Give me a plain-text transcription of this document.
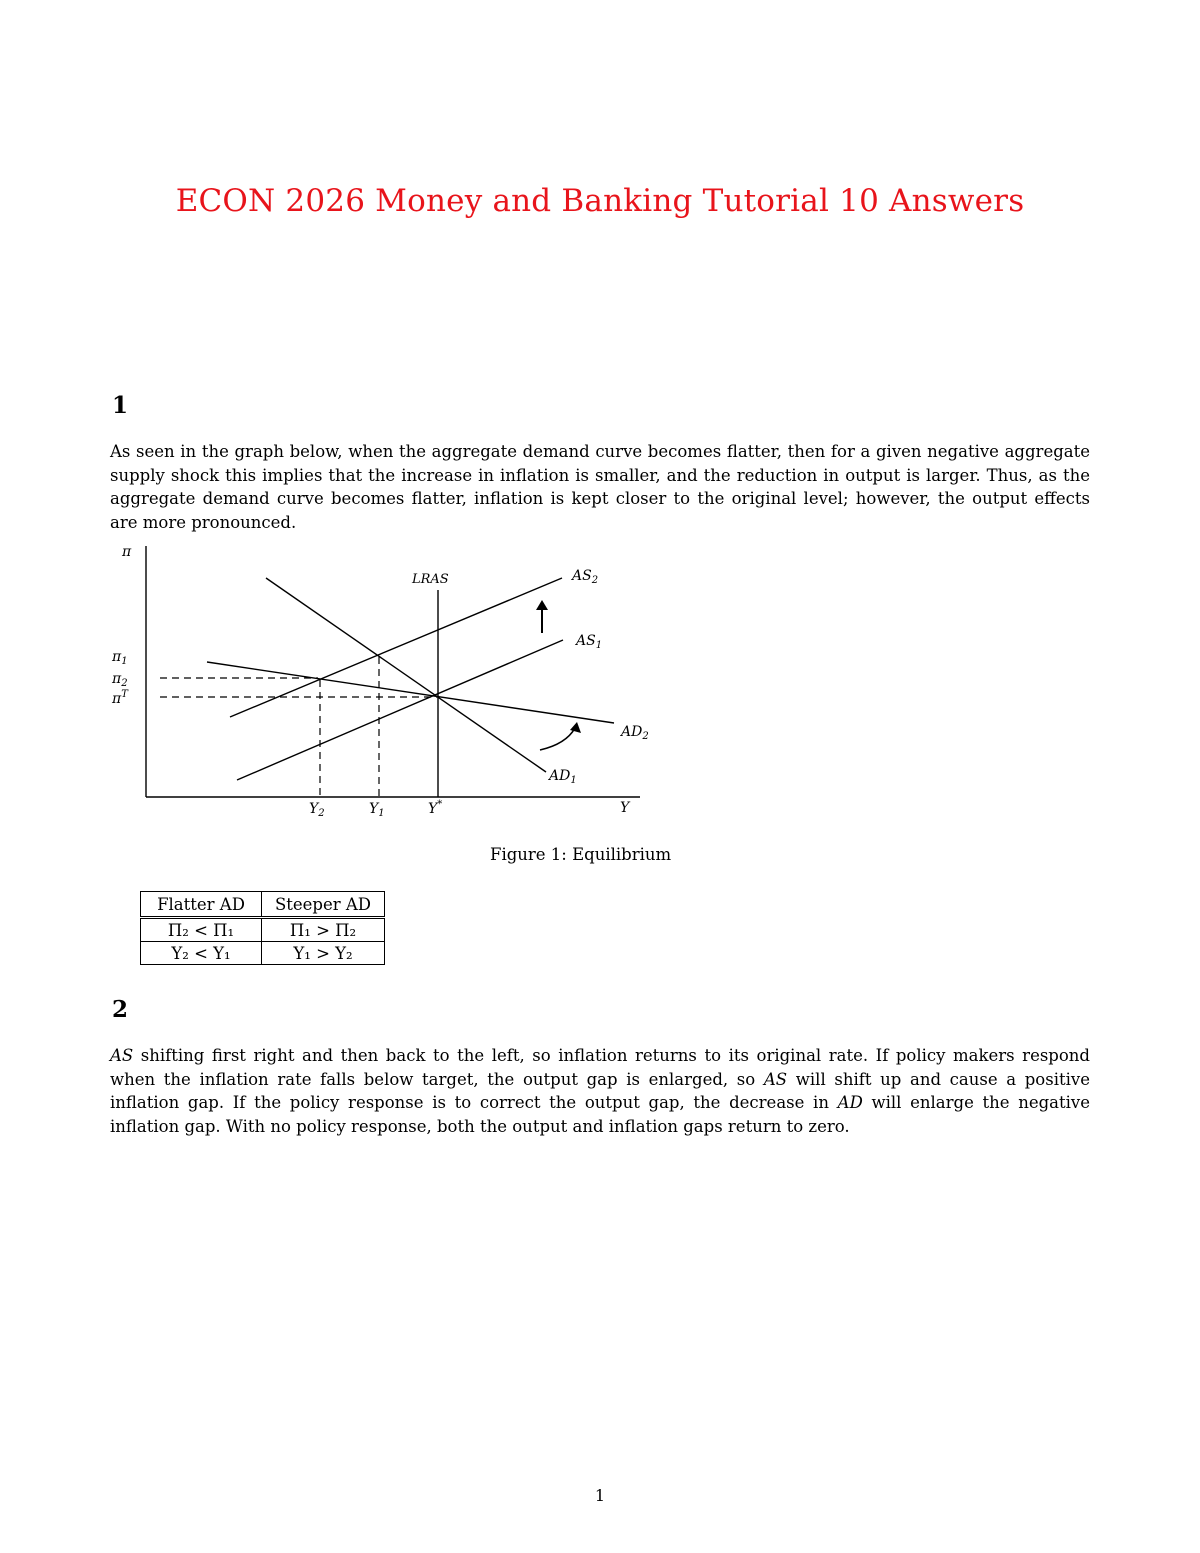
ECON 2026 Money and Banking Tutorial 10 Answers
1
As seen in the graph below, when the aggregate demand curve becomes flatter, then for a given negative aggregate supply shock this implies that the increase in inflation is smaller, and the reduction in output is larger. Thus, as the aggregate demand curve becomes flatter, inflation is kept closer to the original level; however, the output effects are more pronounced.
π
Y
LRAS	$AS_2$
$AS_1$
$AD_1$
$AD_2$
$\pi_1$
$\pi_2$
$\pi^T$
$Y_2$	$Y_1$	Y*
Figure 1: Equilibrium
Flatter AD	Steeper AD
Π₂ < Π₁	Π₁ > Π₂
Y₂ < Y₁	Y₁ > Y₂
2
AS shifting first right and then back to the left, so inflation returns to its original rate. If policy makers respond when the inflation rate falls below target, the output gap is enlarged, so AS will shift up and cause a positive inflation gap. If the policy response is to correct the output gap, the decrease in AD will enlarge the negative inflation gap. With no policy response, both the output and inflation gaps return to zero.
1
